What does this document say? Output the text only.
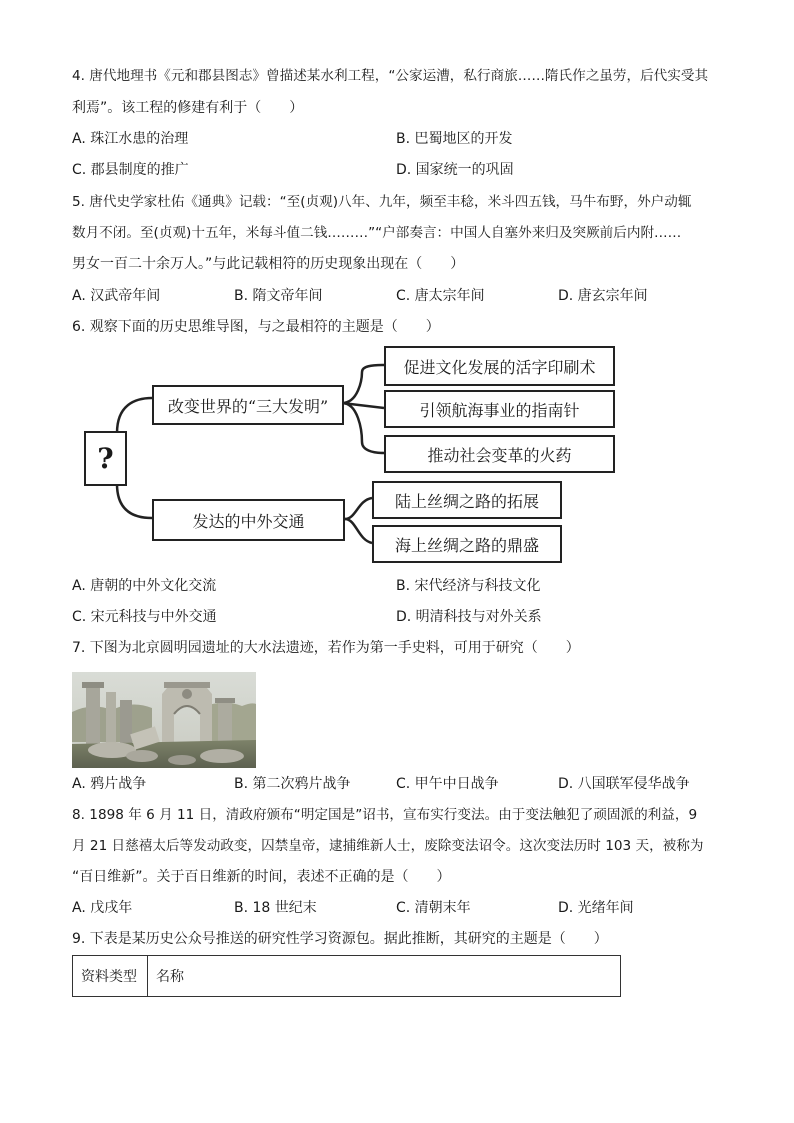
4. 唐代地理书《元和郡县图志》曾描述某水利工程，“公家运漕，私行商旅……隋氏作之虽劳，后代实受其
利焉”。该工程的修建有利于（　　）
A. 珠江水患的治理	B. 巴蜀地区的开发
C. 郡县制度的推广	D. 国家统一的巩固
5. 唐代史学家杜佑《通典》记载：“至(贞观)八年、九年，频至丰稔，米斗四五钱，马牛布野，外户动辄
数月不闭。至(贞观)十五年，米每斗值二钱………”“户部奏言：中国人自塞外来归及突厥前后内附……
男女一百二十余万人。”与此记载相符的历史现象出现在（　　）
A. 汉武帝年间	B. 隋文帝年间	C. 唐太宗年间	D. 唐玄宗年间
6. 观察下面的历史思维导图，与之最相符的主题是（　　）
?
改变世界的“三大发明”
促进文化发展的活字印刷术
引领航海事业的指南针
推动社会变革的火药
发达的中外交通
陆上丝绸之路的拓展
海上丝绸之路的鼎盛
A. 唐朝的中外文化交流	B. 宋代经济与科技文化
C. 宋元科技与中外交通	D. 明清科技与对外关系
7. 下图为北京圆明园遗址的大水法遗迹，若作为第一手史料，可用于研究（　　）
A. 鸦片战争	B. 第二次鸦片战争	C. 甲午中日战争	D. 八国联军侵华战争
8. 1898 年 6 月 11 日，清政府颁布“明定国是”诏书，宣布实行变法。由于变法触犯了顽固派的利益，9
月 21 日慈禧太后等发动政变，囚禁皇帝，逮捕维新人士，废除变法诏令。这次变法历时 103 天，被称为
“百日维新”。关于百日维新的时间，表述不正确的是（　　）
A. 戊戌年	B. 18 世纪末	C. 清朝末年	D. 光绪年间
9. 下表是某历史公众号推送的研究性学习资源包。据此推断，其研究的主题是（　　）
资料类型	名称
